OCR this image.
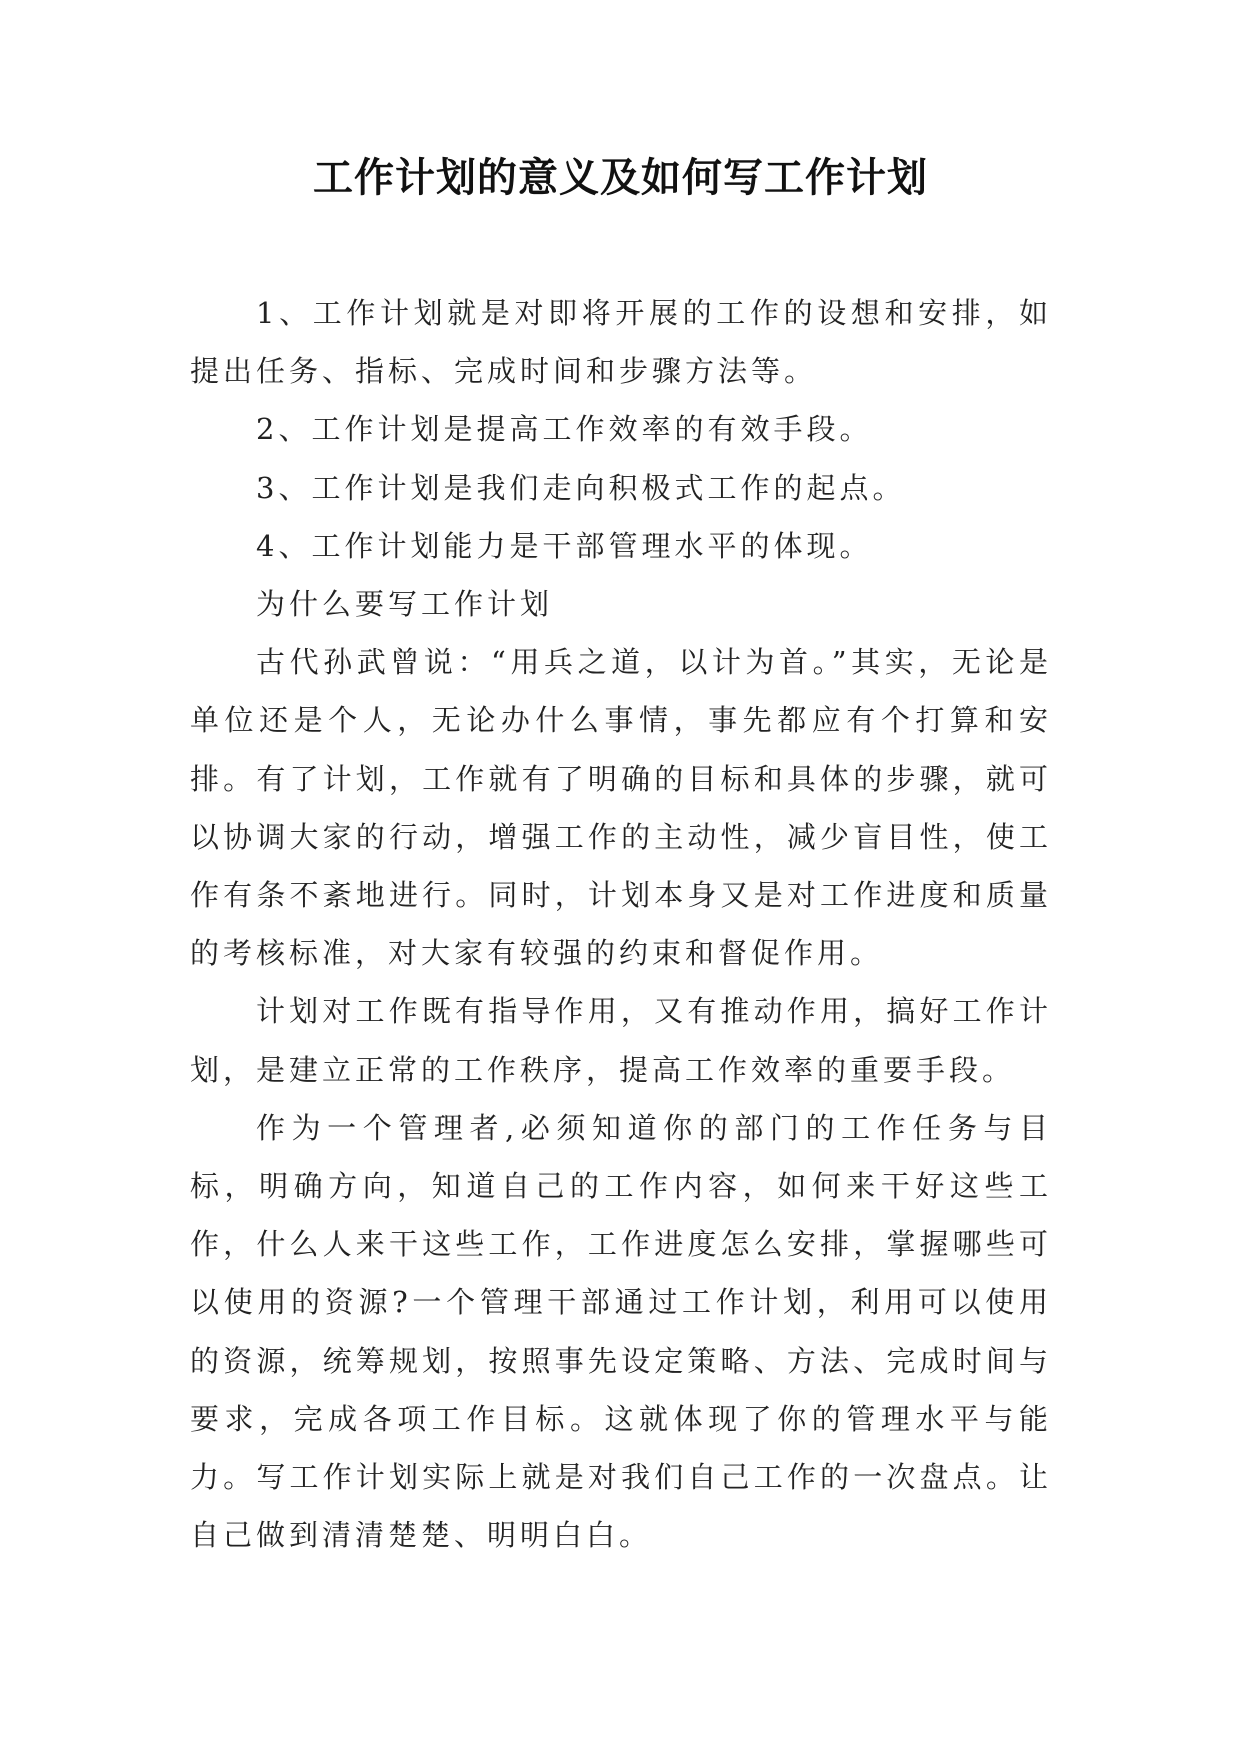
工作计划的意义及如何写工作计划

1、工作计划就是对即将开展的工作的设想和安排，如提出任务、指标、完成时间和步骤方法等。

2、工作计划是提高工作效率的有效手段。

3、工作计划是我们走向积极式工作的起点。

4、工作计划能力是干部管理水平的体现。

为什么要写工作计划

古代孙武曾说：“用兵之道，以计为首。”其实，无论是单位还是个人，无论办什么事情，事先都应有个打算和安排。有了计划，工作就有了明确的目标和具体的步骤，就可以协调大家的行动，增强工作的主动性，减少盲目性，使工作有条不紊地进行。同时，计划本身又是对工作进度和质量的考核标准，对大家有较强的约束和督促作用。

计划对工作既有指导作用，又有推动作用，搞好工作计划，是建立正常的工作秩序，提高工作效率的重要手段。

作为一个管理者,必须知道你的部门的工作任务与目标，明确方向，知道自己的工作内容，如何来干好这些工作，什么人来干这些工作，工作进度怎么安排，掌握哪些可以使用的资源?一个管理干部通过工作计划，利用可以使用的资源，统筹规划，按照事先设定策略、方法、完成时间与要求，完成各项工作目标。这就体现了你的管理水平与能力。写工作计划实际上就是对我们自己工作的一次盘点。让自己做到清清楚楚、明明白白。
